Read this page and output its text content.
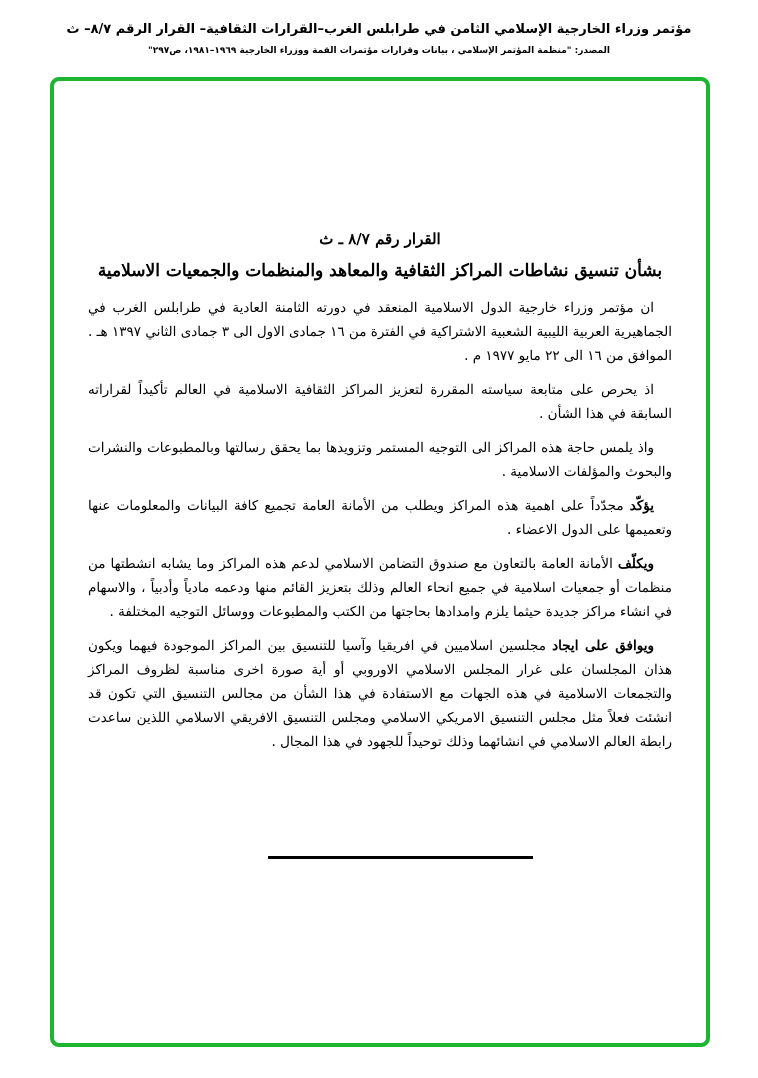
مؤتمر وزراء الخارجية الإسلامي الثامن في طرابلس الغرب–القرارات الثقافية– القرار الرقم ٨/٧– ث
المصدر: "منظمة المؤتمر الإسلامي ، بيانات وقرارات مؤتمرات القمة ووزراء الخارجية ١٩٦٩–١٩٨١، ص٢٩٧"
القرار رقم ٨/٧ ـ ث
بشأن تنسيق نشاطات المراكز الثقافية والمعاهد والمنظمات والجمعيات الاسلامية

ان مؤتمر وزراء خارجية الدول الاسلامية المنعقد في دورته الثامنة العادية في طرابلس الغرب في الجماهيرية العربية الليبية الشعبية الاشتراكية في الفترة من ١٦ جمادى الاول الى ٣ جمادى الثاني ١٣٩٧ هـ . الموافق من ١٦ الى ٢٢ مايو ١٩٧٧ م .

اذ يحرص على متابعة سياسته المقررة لتعزيز المراكز الثقافية الاسلامية في العالم تأكيداً لقراراته السابقة في هذا الشأن .

واذ يلمس حاجة هذه المراكز الى التوجيه المستمر وتزويدها بما يحقق رسالتها وبالمطبوعات والنشرات والبحوث والمؤلفات الاسلامية .

يؤكّد مجدّداً على اهمية هذه المراكز ويطلب من الأمانة العامة تجميع كافة البيانات والمعلومات عنها وتعميمها على الدول الاعضاء .

ويكلّف الأمانة العامة بالتعاون مع صندوق التضامن الاسلامي لدعم هذه المراكز وما يشابه انشطتها من منظمات أو جمعيات اسلامية في جميع انحاء العالم وذلك بتعزيز القائم منها ودعمه مادياً وأدبياً ، والاسهام في انشاء مراكز جديدة حيثما يلزم وامدادها بحاجتها من الكتب والمطبوعات ووسائل التوجيه المختلفة .

ويوافق على ايجاد مجلسين اسلاميين في افريقيا وآسيا للتنسيق بين المراكز الموجودة فيهما ويكون هذان المجلسان على غرار المجلس الاسلامي الاوروبي أو أية صورة اخرى مناسبة لظروف المراكز والتجمعات الاسلامية في هذه الجهات مع الاستفادة في هذا الشأن من مجالس التنسيق التي تكون قد انشئت فعلاً مثل مجلس التنسيق الامريكي الاسلامي ومجلس التنسيق الافريقي الاسلامي اللذين ساعدت رابطة العالم الاسلامي في انشائهما وذلك توحيداً للجهود في هذا المجال .
